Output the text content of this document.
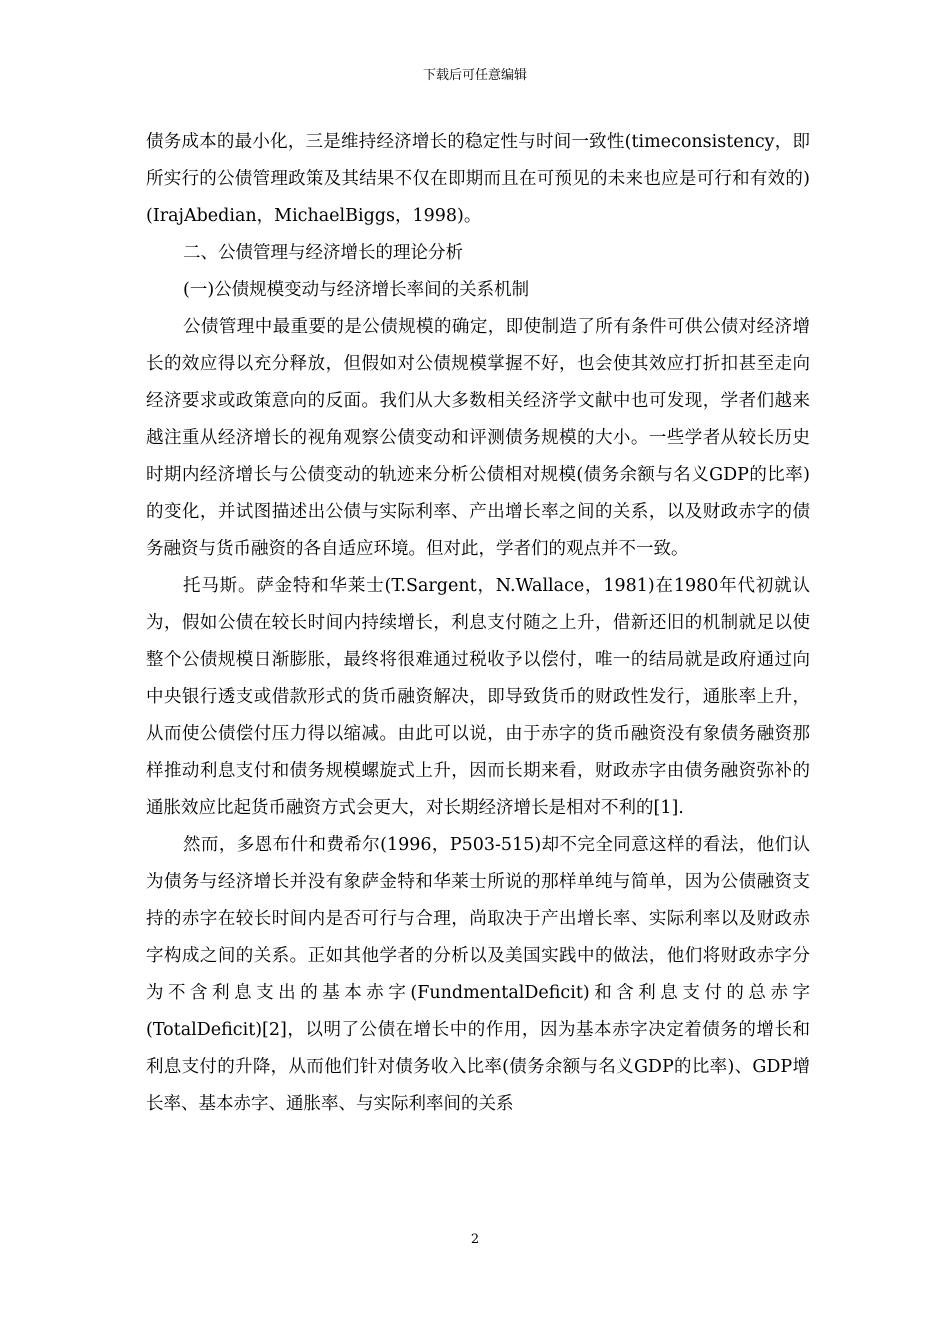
下载后可任意编辑

债务成本的最小化，三是维持经济增长的稳定性与时间一致性(timeconsistency，即所实行的公债管理政策及其结果不仅在即期而且在可预见的未来也应是可行和有效的)(IrajAbedian，MichaelBiggs，1998)。

二、公债管理与经济增长的理论分析

(一)公债规模变动与经济增长率间的关系机制

公债管理中最重要的是公债规模的确定，即使制造了所有条件可供公债对经济增长的效应得以充分释放，但假如对公债规模掌握不好，也会使其效应打折扣甚至走向经济要求或政策意向的反面。我们从大多数相关经济学文献中也可发现，学者们越来越注重从经济增长的视角观察公债变动和评测债务规模的大小。一些学者从较长历史时期内经济增长与公债变动的轨迹来分析公债相对规模(债务余额与名义GDP的比率)的变化，并试图描述出公债与实际利率、产出增长率之间的关系，以及财政赤字的债务融资与货币融资的各自适应环境。但对此，学者们的观点并不一致。

托马斯。萨金特和华莱士(T.Sargent，N.Wallace，1981)在1980年代初就认为，假如公债在较长时间内持续增长，利息支付随之上升，借新还旧的机制就足以使整个公债规模日渐膨胀，最终将很难通过税收予以偿付，唯一的结局就是政府通过向中央银行透支或借款形式的货币融资解决，即导致货币的财政性发行，通胀率上升，从而使公债偿付压力得以缩减。由此可以说，由于赤字的货币融资没有象债务融资那样推动利息支付和债务规模螺旋式上升，因而长期来看，财政赤字由债务融资弥补的通胀效应比起货币融资方式会更大，对长期经济增长是相对不利的[1].

然而，多恩布什和费希尔(1996，P503-515)却不完全同意这样的看法，他们认为债务与经济增长并没有象萨金特和华莱士所说的那样单纯与简单，因为公债融资支持的赤字在较长时间内是否可行与合理，尚取决于产出增长率、实际利率以及财政赤字构成之间的关系。正如其他学者的分析以及美国实践中的做法，他们将财政赤字分为不含利息支出的基本赤字(FundmentalDeficit)和含利息支付的总赤字(TotalDeficit)[2]，以明了公债在增长中的作用，因为基本赤字决定着债务的增长和利息支付的升降，从而他们针对债务收入比率(债务余额与名义GDP的比率)、GDP增长率、基本赤字、通胀率、与实际利率间的关系

2
